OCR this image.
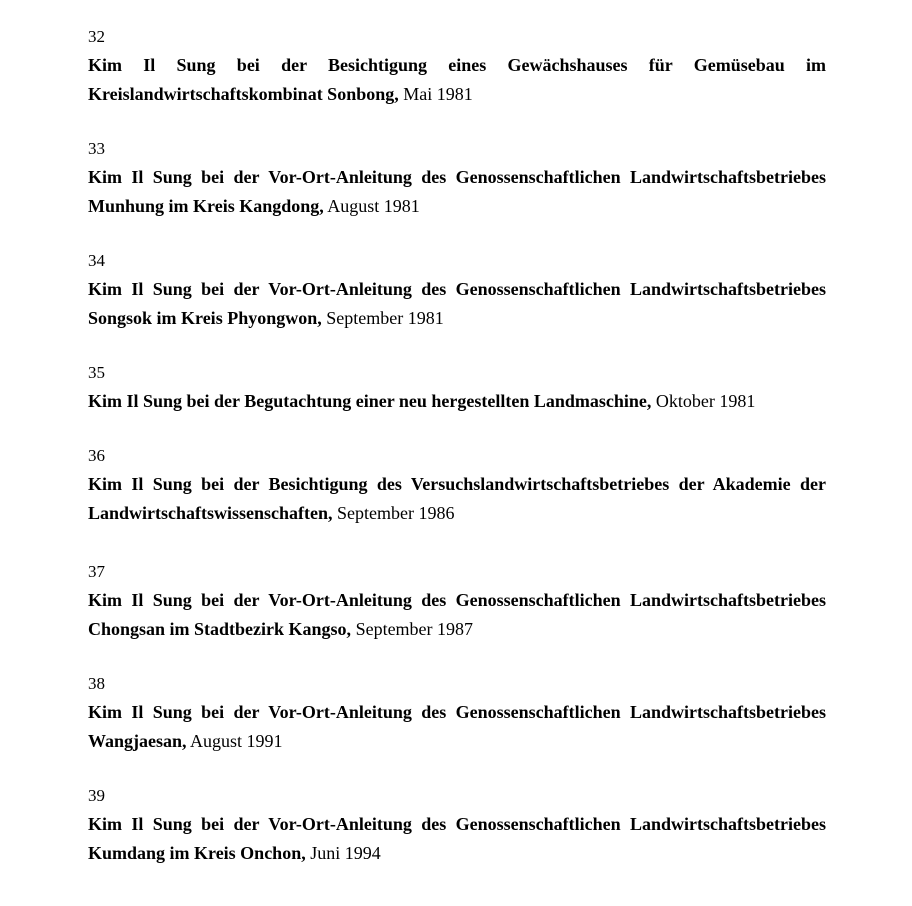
32

Kim Il Sung bei der Besichtigung eines Gewächshauses für Gemüsebau im Kreislandwirtschaftskombinat Sonbong, Mai 1981

33

Kim Il Sung bei der Vor-Ort-Anleitung des Genossenschaftlichen Landwirtschaftsbetriebes Munhung im Kreis Kangdong, August 1981

34

Kim Il Sung bei der Vor-Ort-Anleitung des Genossenschaftlichen Landwirtschaftsbetriebes Songsok im Kreis Phyongwon, September 1981

35

Kim Il Sung bei der Begutachtung einer neu hergestellten Landmaschine, Oktober 1981

36

Kim Il Sung bei der Besichtigung des Versuchslandwirtschaftsbetriebes der Akademie der Landwirtschaftswissenschaften, September 1986

37

Kim Il Sung bei der Vor-Ort-Anleitung des Genossenschaftlichen Landwirtschaftsbetriebes Chongsan im Stadtbezirk Kangso, September 1987

38

Kim Il Sung bei der Vor-Ort-Anleitung des Genossenschaftlichen Landwirtschaftsbetriebes Wangjaesan, August 1991

39

Kim Il Sung bei der Vor-Ort-Anleitung des Genossenschaftlichen Landwirtschaftsbetriebes Kumdang im Kreis Onchon, Juni 1994
